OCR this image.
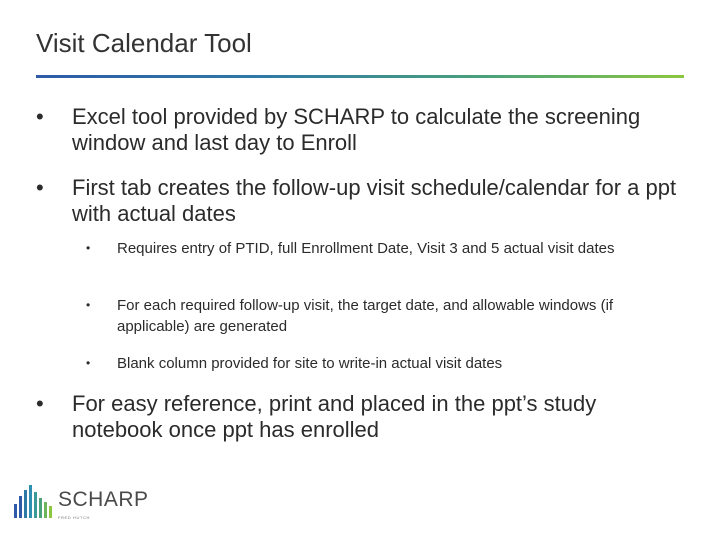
Visit Calendar Tool
•	Excel tool provided by SCHARP to calculate the screening window and last day to Enroll
•	First tab creates the follow-up visit schedule/calendar for a ppt with actual dates
• Requires entry of PTID, full Enrollment Date, Visit 3 and 5 actual visit dates
• For each required follow-up visit, the target date, and allowable windows (if applicable) are generated
• Blank column provided for site to write-in actual visit dates
•	For easy reference, print and placed in the ppt’s study notebook once ppt has enrolled
SCHARP
FRED HUTCH
